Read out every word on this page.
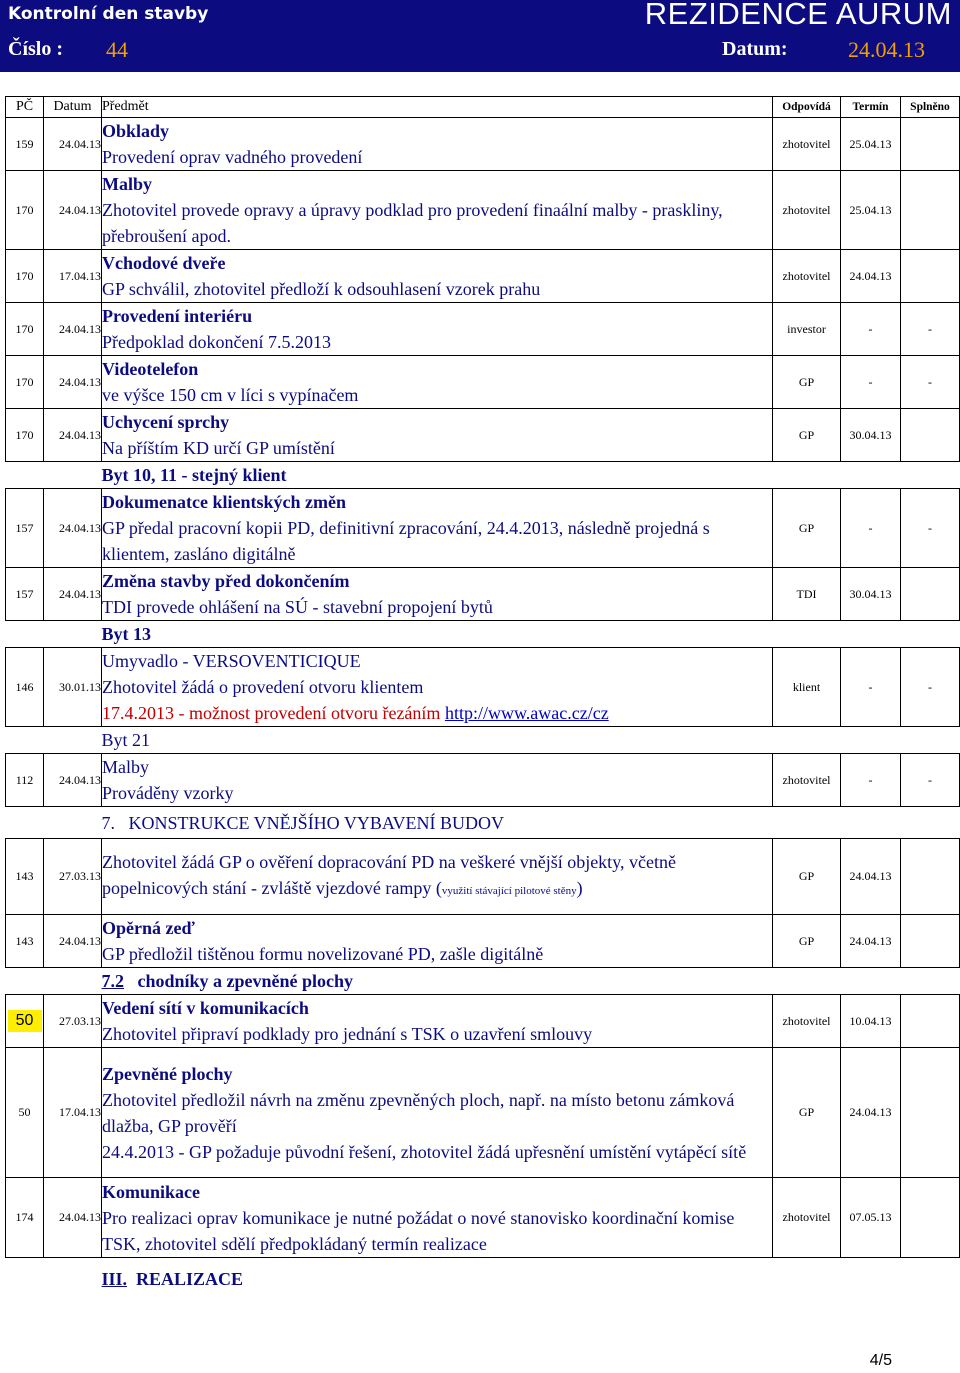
Kontrolní den stavby	REZIDENCE AURUM
Číslo : 44	Datum:	24.04.13
PČ	Datum	Předmět	Odpovídá	Termín	Splněno
159	24.04.13	Obklady
Provedení oprav vadného provedení	zhotovitel	25.04.13	
170	24.04.13	Malby
Zhotovitel provede opravy a úpravy podklad pro provedení finaální malby - praskliny, přebroušení apod.	zhotovitel	25.04.13	
170	17.04.13	Vchodové dveře
GP schválil, zhotovitel předloží k odsouhlasení vzorek prahu	zhotovitel	24.04.13	
170	24.04.13	Provedení interiéru
Předpoklad dokončení 7.5.2013	investor	-	-
170	24.04.13	Videotelefon
ve výšce 150 cm v líci s vypínačem	GP	-	-
170	24.04.13	Uchycení sprchy
Na příštím KD určí GP umístění	GP	30.04.13	
		Byt 10, 11 - stejný klient			
157	24.04.13	Dokumenatce klientských změn
GP předal pracovní kopii PD, definitivní zpracování, 24.4.2013, následně projedná s klientem, zasláno digitálně	GP	-	-
157	24.04.13	Změna stavby před dokončením
TDI provede ohlášení na SÚ - stavební propojení bytů	TDI	30.04.13	
		Byt 13			
146	30.01.13	Umyvadlo - VERSOVENTICIQUE
Zhotovitel žádá o provedení otvoru klientem
17.4.2013 - možnost provedení otvoru řezáním http://www.awac.cz/cz	klient	-	-
		Byt 21			
112	24.04.13	Malby
Prováděny vzorky	zhotovitel	-	-
		7. KONSTRUKCE VNĚJŠÍHO VYBAVENÍ BUDOV			
143	27.03.13	Zhotovitel žádá GP o ověření dopracování PD na veškeré vnější objekty, včetně popelnicových stání - zvláště vjezdové rampy (využití stávající pilotové stěny)	GP	24.04.13	
143	24.04.13	Opěrná zeď
GP předložil tištěnou formu novelizované PD, zašle digitálně	GP	24.04.13	
		7.2 chodníky a zpevněné plochy			
50	27.03.13	Vedení sítí v komunikacích
Zhotovitel připraví podklady pro jednání s TSK o uzavření smlouvy	zhotovitel	10.04.13	
50	17.04.13	Zpevněné plochy
Zhotovitel předložil návrh na změnu zpevněných ploch, např. na místo betonu zámková dlažba, GP prověří
24.4.2013 - GP požaduje původní řešení, zhotovitel žádá upřesnění umístění vytápěcí sítě	GP	24.04.13	
174	24.04.13	Komunikace
Pro realizaci oprav komunikace je nutné požádat o nové stanovisko koordinační komise TSK, zhotovitel sdělí předpokládaný termín realizace	zhotovitel	07.05.13	
		III. REALIZACE			
4/5
